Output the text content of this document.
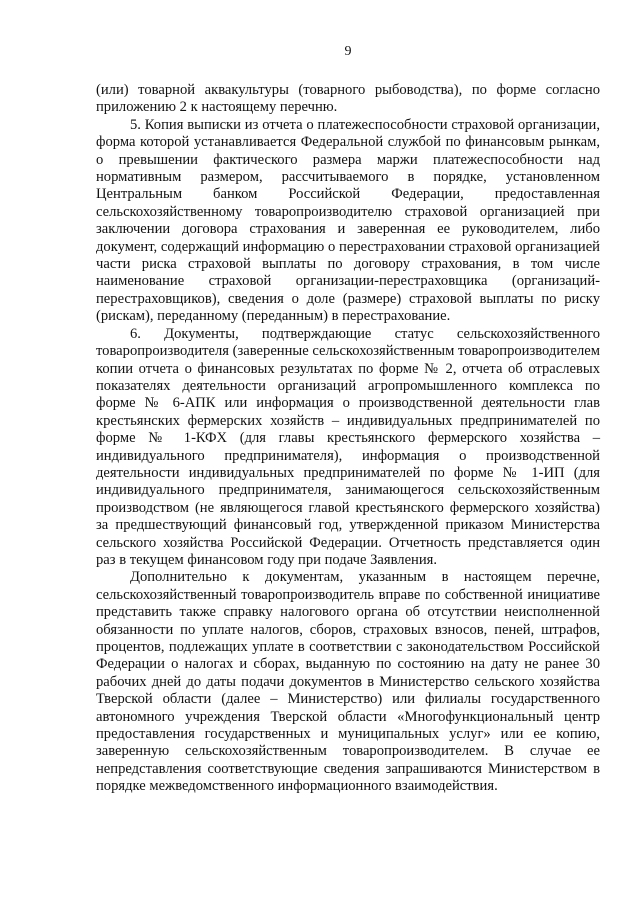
9

(или) товарной аквакультуры (товарного рыбоводства), по форме согласно приложению 2 к настоящему перечню.

5. Копия выписки из отчета о платежеспособности страховой организации, форма которой устанавливается Федеральной службой по финансовым рынкам, о превышении фактического размера маржи платежеспособности над нормативным размером, рассчитываемого в порядке, установленном Центральным банком Российской Федерации, предоставленная сельскохозяйственному товаропроизводителю страховой организацией при заключении договора страхования и заверенная ее руководителем, либо документ, содержащий информацию о перестраховании страховой организацией части риска страховой выплаты по договору страхования, в том числе наименование страховой организации-перестраховщика (организаций-перестраховщиков), сведения о доле (размере) страховой выплаты по риску (рискам), переданному (переданным) в перестрахование.

6. Документы, подтверждающие статус сельскохозяйственного товаропроизводителя (заверенные сельскохозяйственным товаропроизводителем копии отчета о финансовых результатах по форме № 2, отчета об отраслевых показателях деятельности организаций агропромышленного комплекса по форме № 6-АПК или информация о производственной деятельности глав крестьянских фермерских хозяйств – индивидуальных предпринимателей по форме № 1-КФХ (для главы крестьянского фермерского хозяйства – индивидуального предпринимателя), информация о производственной деятельности индивидуальных предпринимателей по форме № 1-ИП (для индивидуального предпринимателя, занимающегося сельскохозяйственным производством (не являющегося главой крестьянского фермерского хозяйства) за предшествующий финансовый год, утвержденной приказом Министерства сельского хозяйства Российской Федерации. Отчетность представляется один раз в текущем финансовом году при подаче Заявления.

Дополнительно к документам, указанным в настоящем перечне, сельскохозяйственный товаропроизводитель вправе по собственной инициативе представить также справку налогового органа об отсутствии неисполненной обязанности по уплате налогов, сборов, страховых взносов, пеней, штрафов, процентов, подлежащих уплате в соответствии с законодательством Российской Федерации о налогах и сборах, выданную по состоянию на дату не ранее 30 рабочих дней до даты подачи документов в Министерство сельского хозяйства Тверской области (далее – Министерство) или филиалы государственного автономного учреждения Тверской области «Многофункциональный центр предоставления государственных и муниципальных услуг» или ее копию, заверенную сельскохозяйственным товаропроизводителем. В случае ее непредставления соответствующие сведения запрашиваются Министерством в порядке межведомственного информационного взаимодействия.
